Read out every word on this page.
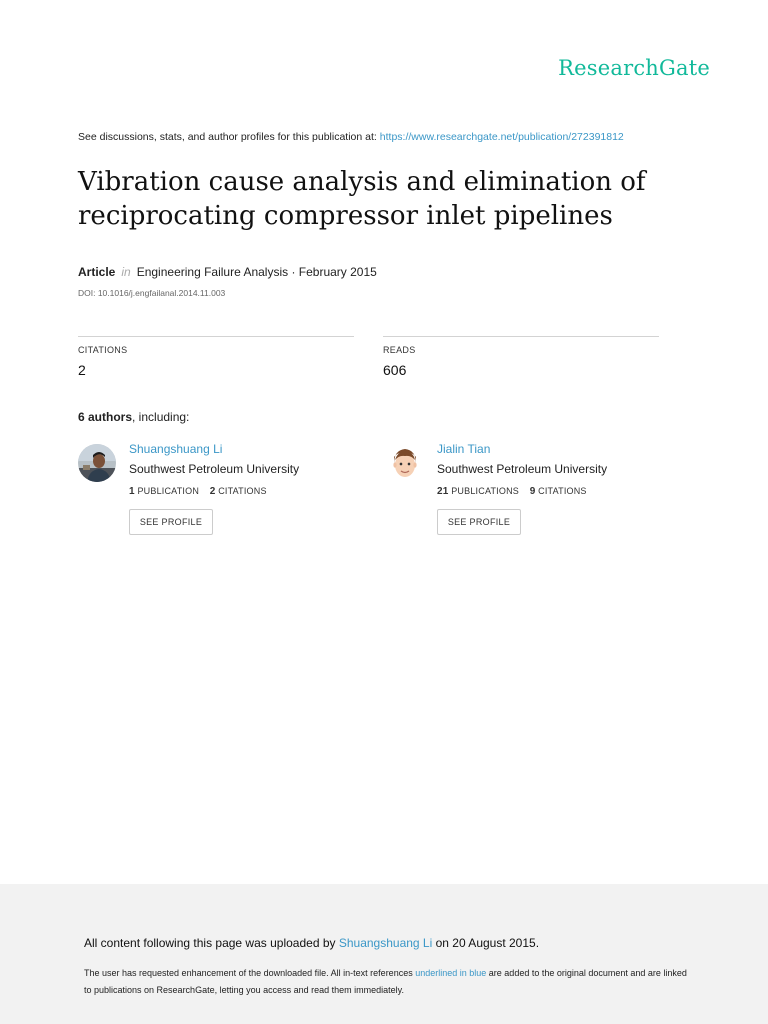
ResearchGate
See discussions, stats, and author profiles for this publication at: https://www.researchgate.net/publication/272391812
Vibration cause analysis and elimination of reciprocating compressor inlet pipelines
Article in Engineering Failure Analysis · February 2015
DOI: 10.1016/j.engfailanal.2014.11.003
CITATIONS
2
READS
606
6 authors, including:
Shuangshuang Li
Southwest Petroleum University
1 PUBLICATION 2 CITATIONS
SEE PROFILE
Jialin Tian
Southwest Petroleum University
21 PUBLICATIONS 9 CITATIONS
SEE PROFILE
All content following this page was uploaded by Shuangshuang Li on 20 August 2015.
The user has requested enhancement of the downloaded file. All in-text references underlined in blue are added to the original document and are linked to publications on ResearchGate, letting you access and read them immediately.
